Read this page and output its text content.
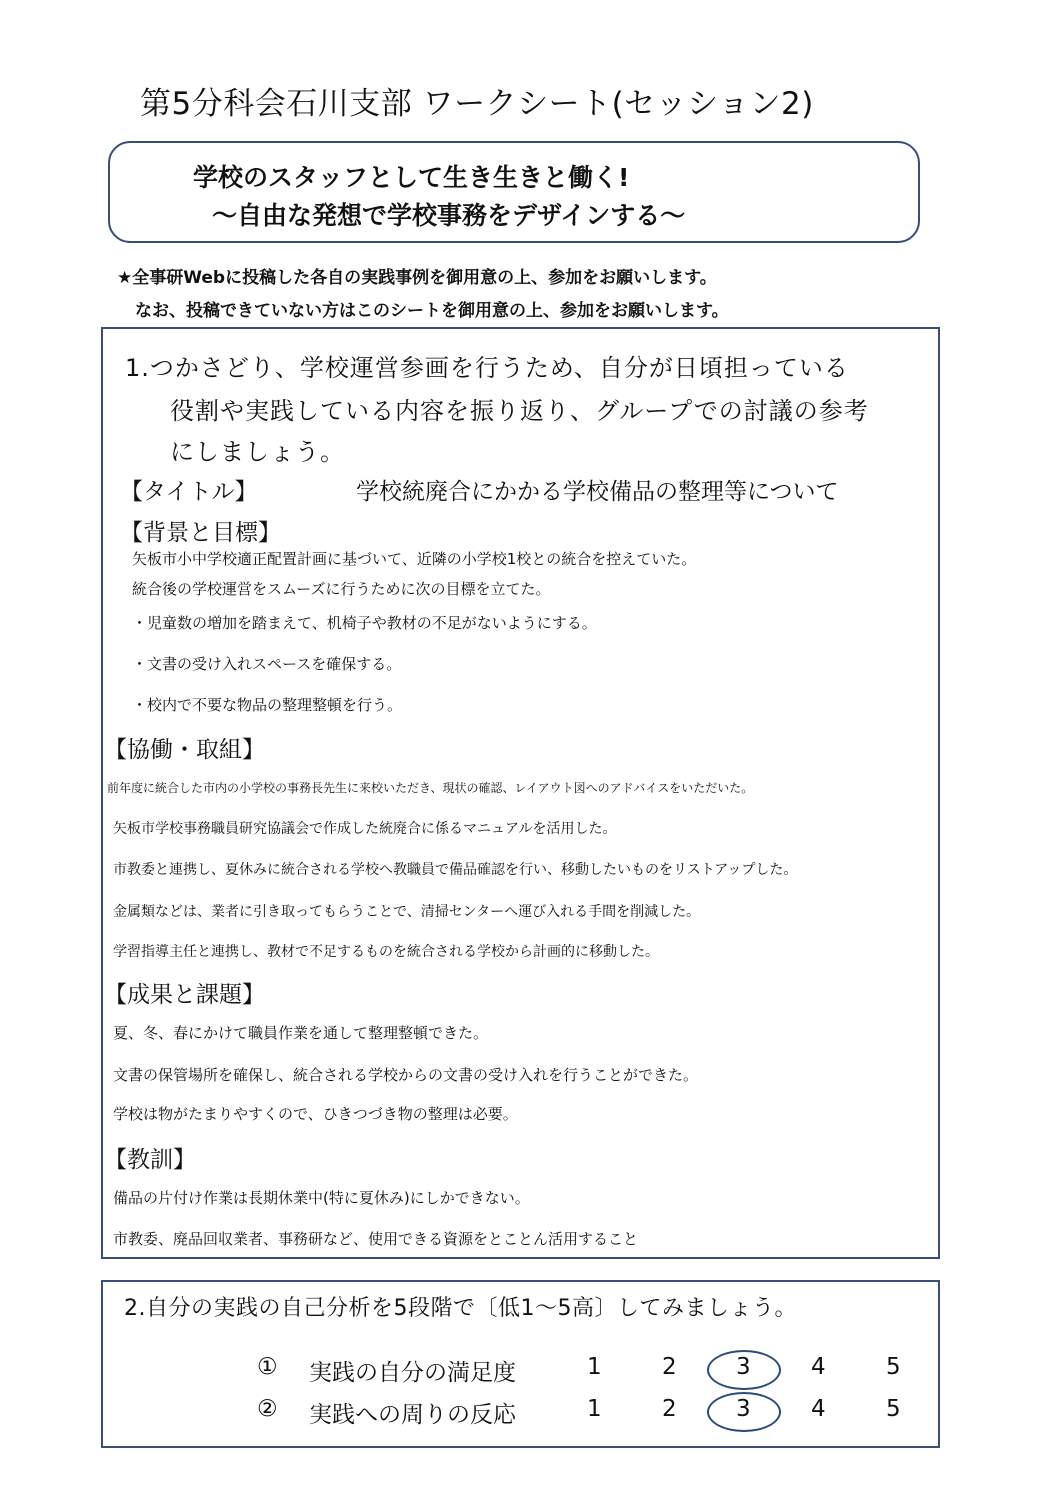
第5分科会石川支部 ワークシート(セッション2)
学校のスタッフとして生き生きと働く!
〜自由な発想で学校事務をデザインする〜
★全事研Webに投稿した各自の実践事例を御用意の上、参加をお願いします。
なお、投稿できていない方はこのシートを御用意の上、参加をお願いします。
1.つかさどり、学校運営参画を行うため、自分が日頃担っている
役割や実践している内容を振り返り、グループでの討議の参考
にしましょう。
【タイトル】	学校統廃合にかかる学校備品の整理等について
【背景と目標】
矢板市小中学校適正配置計画に基づいて、近隣の小学校1校との統合を控えていた。
統合後の学校運営をスムーズに行うために次の目標を立てた。
・児童数の増加を踏まえて、机椅子や教材の不足がないようにする。
・文書の受け入れスペースを確保する。
・校内で不要な物品の整理整頓を行う。
【協働・取組】
前年度に統合した市内の小学校の事務長先生に来校いただき、現状の確認、レイアウト図へのアドバイスをいただいた。
矢板市学校事務職員研究協議会で作成した統廃合に係るマニュアルを活用した。
市教委と連携し、夏休みに統合される学校へ教職員で備品確認を行い、移動したいものをリストアップした。
金属類などは、業者に引き取ってもらうことで、清掃センターへ運び入れる手間を削減した。
学習指導主任と連携し、教材で不足するものを統合される学校から計画的に移動した。
【成果と課題】
夏、冬、春にかけて職員作業を通して整理整頓できた。
文書の保管場所を確保し、統合される学校からの文書の受け入れを行うことができた。
学校は物がたまりやすくので、ひきつづき物の整理は必要。
【教訓】
備品の片付け作業は長期休業中(特に夏休み)にしかできない。
市教委、廃品回収業者、事務研など、使用できる資源をとことん活用すること
2.自分の実践の自己分析を5段階で〔低1〜5高〕してみましょう。
① 実践の自分の満足度	1	2	3	4	5
② 実践への周りの反応	1	2	3	4	5
